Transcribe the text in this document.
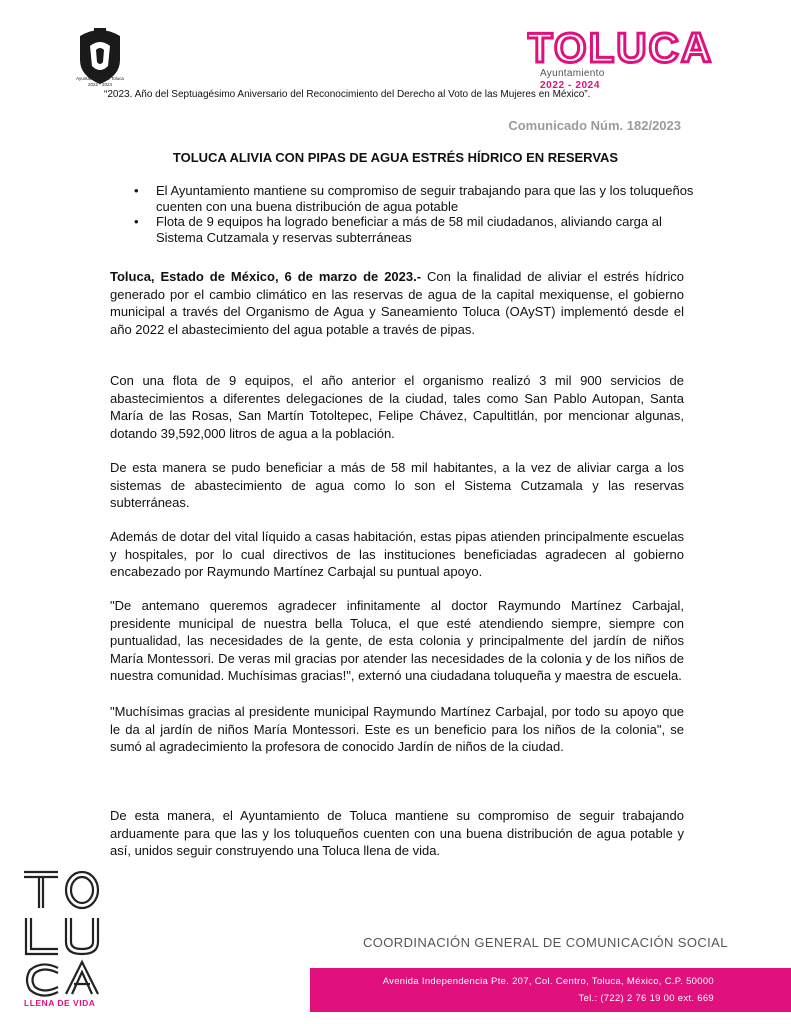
Ayuntamiento de Toluca
2022 - 2024
TOLUCA
Ayuntamiento
2022 - 2024
“2023. Año del Septuagésimo Aniversario del Reconocimiento del Derecho al Voto de las Mujeres en México”.
Comunicado Núm. 182/2023
TOLUCA ALIVIA CON PIPAS DE AGUA ESTRÉS HÍDRICO EN RESERVAS
• El Ayuntamiento mantiene su compromiso de seguir trabajando para que las y los toluqueños cuenten con una buena distribución de agua potable
• Flota de 9 equipos ha logrado beneficiar a más de 58 mil ciudadanos, aliviando carga al Sistema Cutzamala y reservas subterráneas

Toluca, Estado de México, 6 de marzo de 2023.- Con la finalidad de aliviar el estrés hídrico generado por el cambio climático en las reservas de agua de la capital mexiquense, el gobierno municipal a través del Organismo de Agua y Saneamiento Toluca (OAyST) implementó desde el año 2022 el abastecimiento del agua potable a través de pipas.

Con una flota de 9 equipos, el año anterior el organismo realizó 3 mil 900 servicios de abastecimientos a diferentes delegaciones de la ciudad, tales como San Pablo Autopan, Santa María de las Rosas, San Martín Totoltepec, Felipe Chávez, Capultitlán, por mencionar algunas, dotando 39,592,000 litros de agua a la población.

De esta manera se pudo beneficiar a más de 58 mil habitantes, a la vez de aliviar carga a los sistemas de abastecimiento de agua como lo son el Sistema Cutzamala y las reservas subterráneas.

Además de dotar del vital líquido a casas habitación, estas pipas atienden principalmente escuelas y hospitales, por lo cual directivos de las instituciones beneficiadas agradecen al gobierno encabezado por Raymundo Martínez Carbajal su puntual apoyo.

"De antemano queremos agradecer infinitamente al doctor Raymundo Martínez Carbajal, presidente municipal de nuestra bella Toluca, el que esté atendiendo siempre, siempre con puntualidad, las necesidades de la gente, de esta colonia y principalmente del jardín de niños María Montessori. De veras mil gracias por atender las necesidades de la colonia y de los niños de nuestra comunidad. Muchísimas gracias!", externó una ciudadana toluqueña y maestra de escuela.

"Muchísimas gracias al presidente municipal Raymundo Martínez Carbajal, por todo su apoyo que le da al jardín de niños María Montessori. Este es un beneficio para los niños de la colonia", se sumó al agradecimiento la profesora de conocido Jardín de niños de la ciudad.

De esta manera, el Ayuntamiento de Toluca mantiene su compromiso de seguir trabajando arduamente para que las y los toluqueños cuenten con una buena distribución de agua potable y así, unidos seguir construyendo una Toluca llena de vida.

LLENA DE VIDA
COORDINACIÓN GENERAL DE COMUNICACIÓN SOCIAL
Avenida Independencia Pte. 207, Col. Centro, Toluca, México, C.P. 50000
Tel.: (722) 2 76 19 00 ext. 669
